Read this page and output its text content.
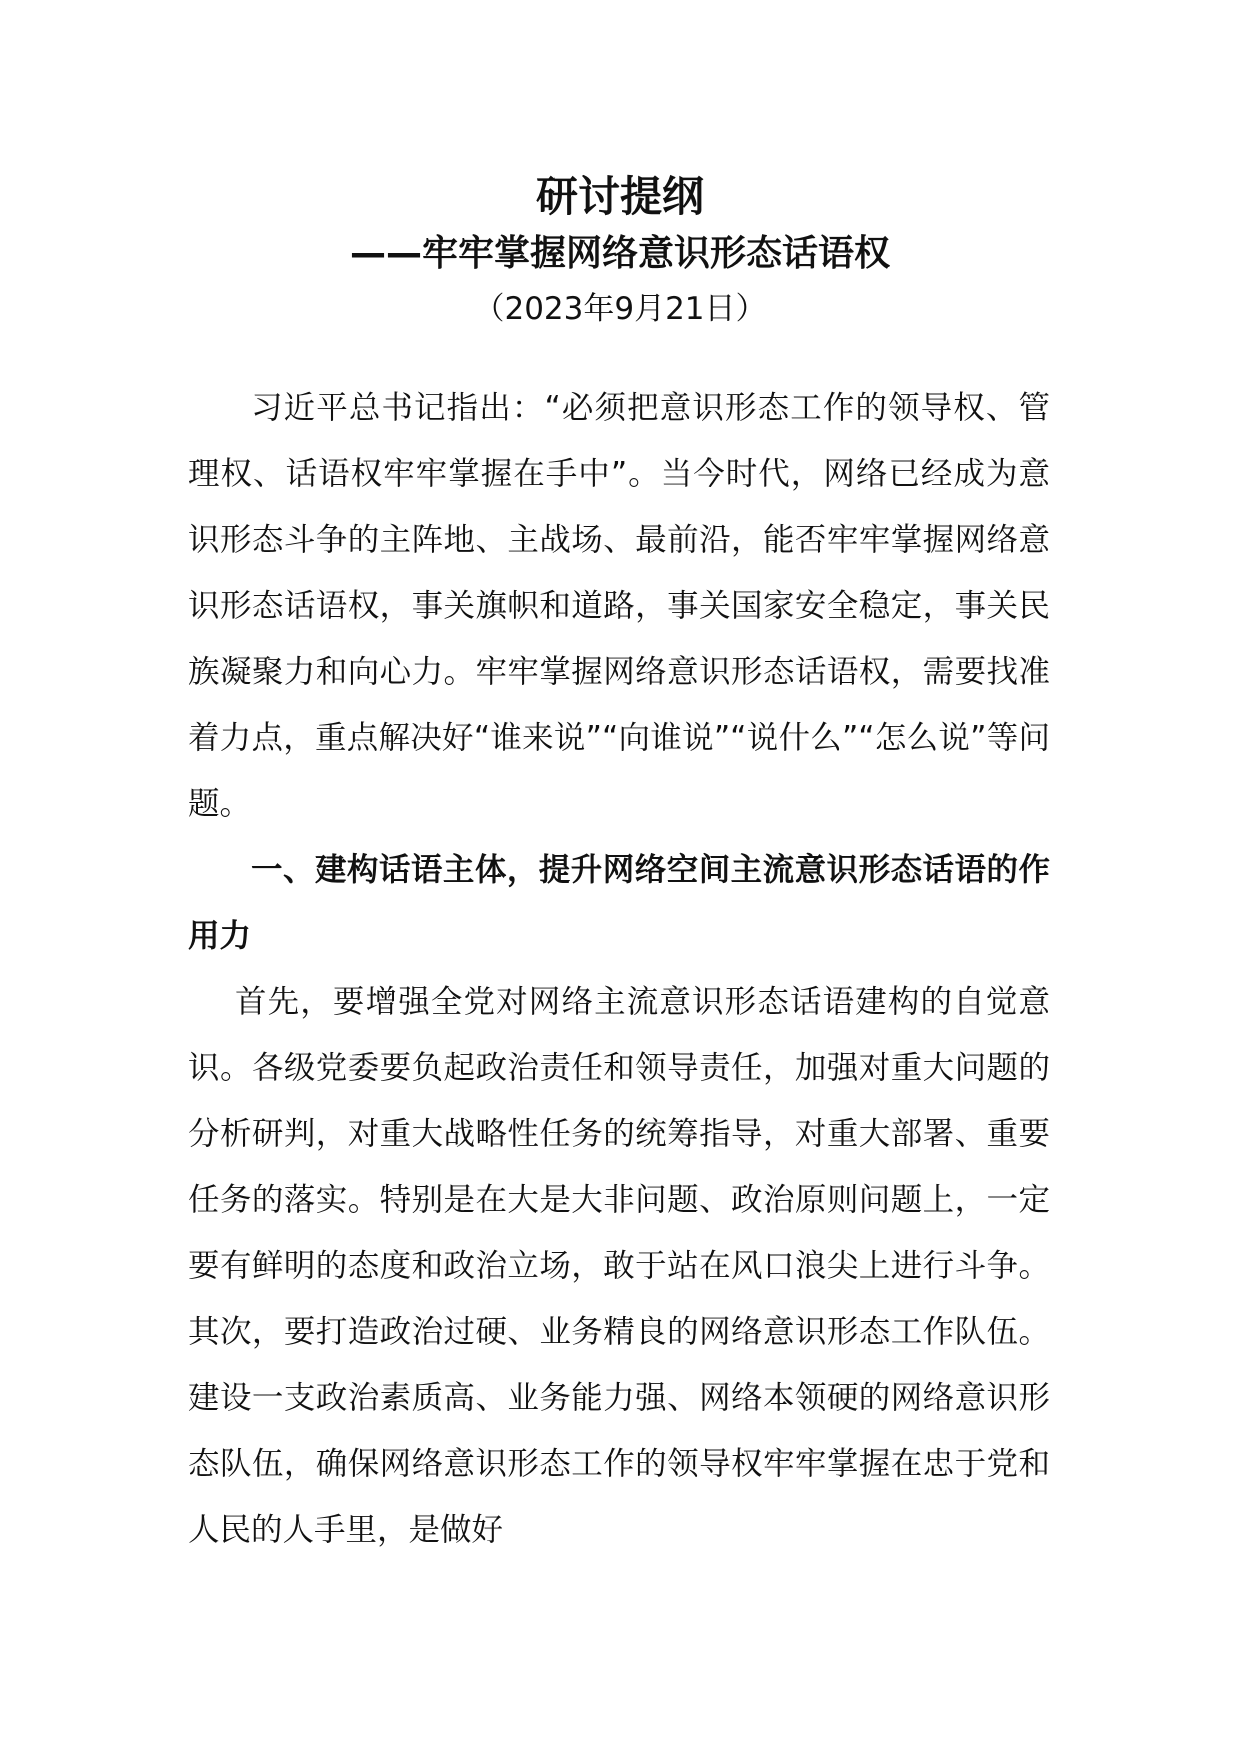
研讨提纲
——牢牢掌握网络意识形态话语权
（2023年9月21日）

习近平总书记指出：“必须把意识形态工作的领导权、管理权、话语权牢牢掌握在手中”。当今时代，网络已经成为意识形态斗争的主阵地、主战场、最前沿，能否牢牢掌握网络意识形态话语权，事关旗帜和道路，事关国家安全稳定，事关民族凝聚力和向心力。牢牢掌握网络意识形态话语权，需要找准着力点，重点解决好“谁来说”“向谁说”“说什么”“怎么说”等问题。

一、建构话语主体，提升网络空间主流意识形态话语的作用力

首先，要增强全党对网络主流意识形态话语建构的自觉意识。各级党委要负起政治责任和领导责任，加强对重大问题的分析研判，对重大战略性任务的统筹指导，对重大部署、重要任务的落实。特别是在大是大非问题、政治原则问题上，一定要有鲜明的态度和政治立场，敢于站在风口浪尖上进行斗争。其次，要打造政治过硬、业务精良的网络意识形态工作队伍。建设一支政治素质高、业务能力强、网络本领硬的网络意识形态队伍，确保网络意识形态工作的领导权牢牢掌握在忠于党和人民的人手里，是做好
